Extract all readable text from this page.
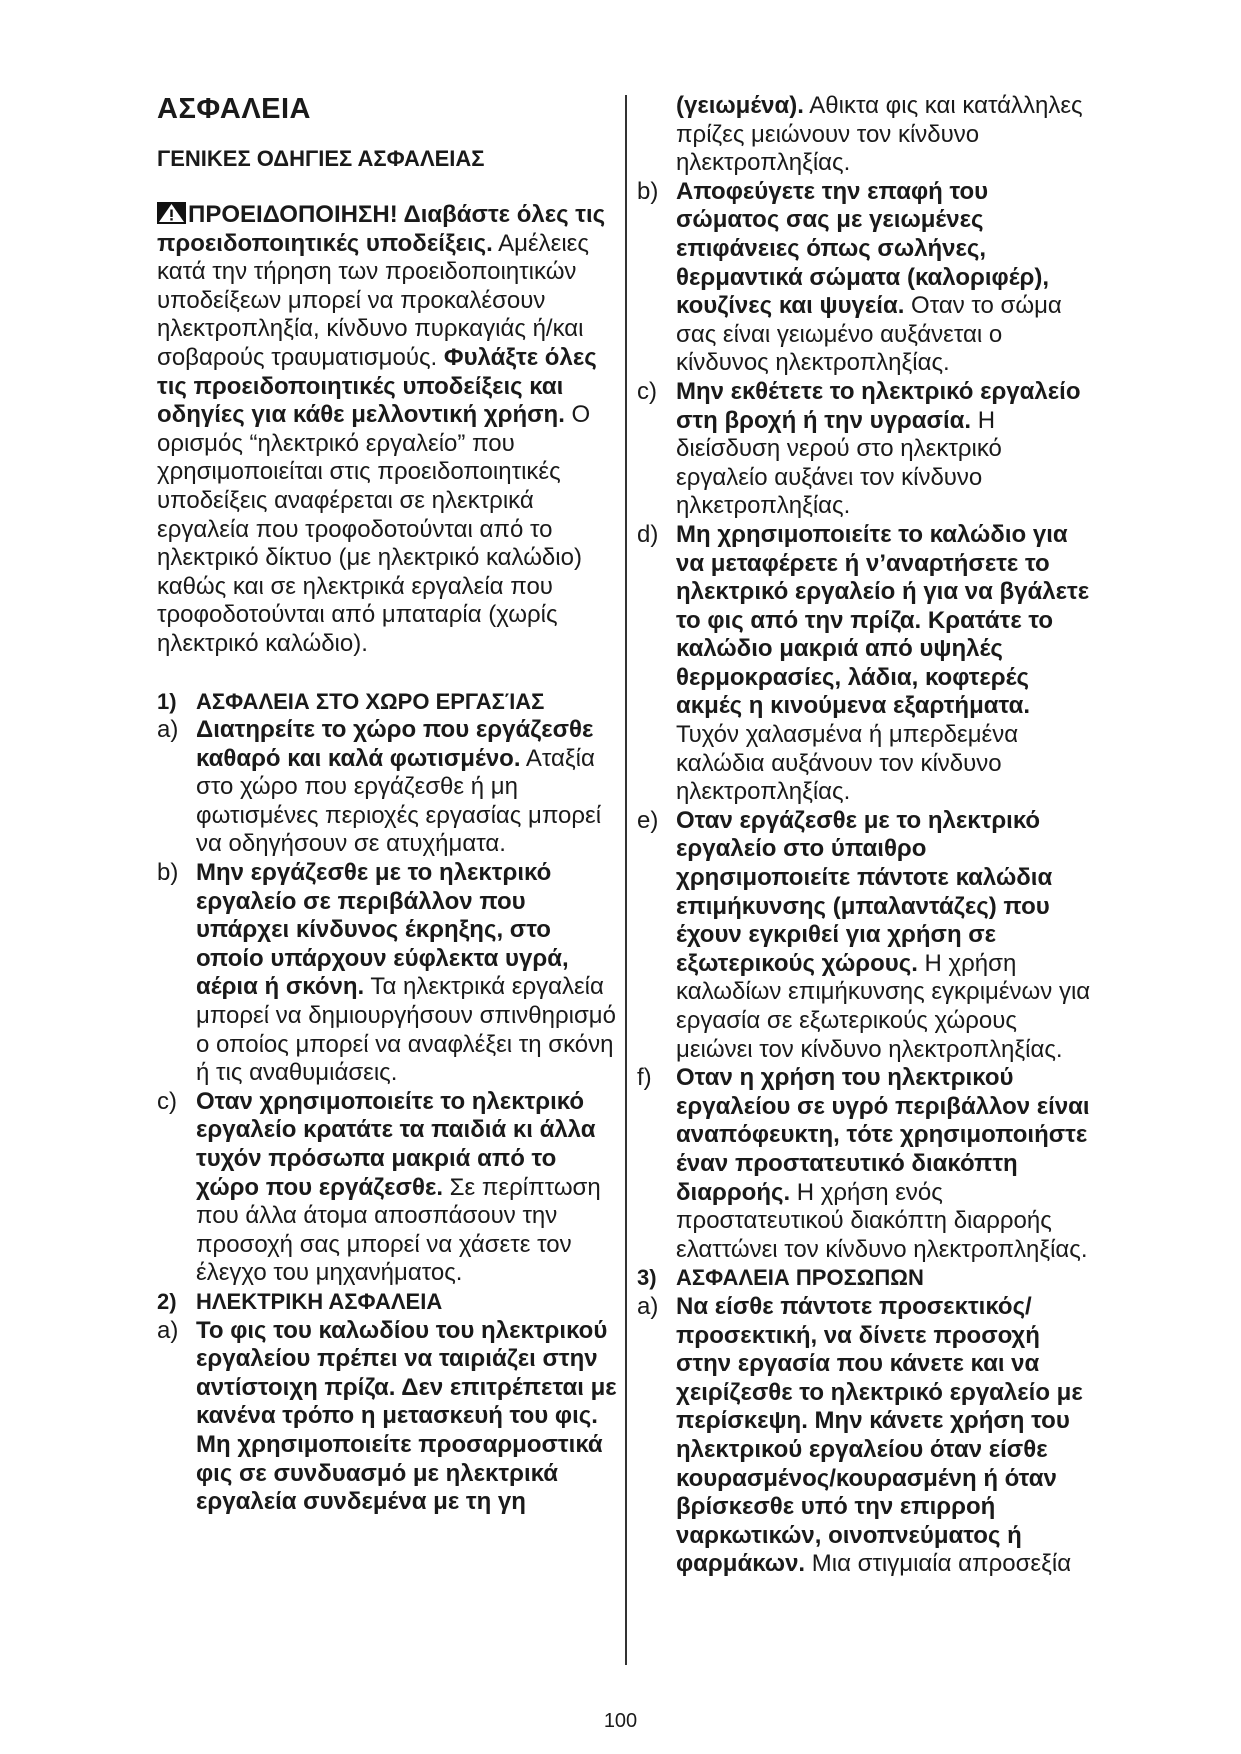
ΑΣΦΑΛΕΙΑ
ΓΕΝΙΚΕΣ ΟΔΗΓΙΕΣ ΑΣΦΑΛΕΙΑΣ

ΠΡΟΕΙΔΟΠΟΙΗΣΗ! Διαβάστε όλες τις προειδοποιητικές υποδείξεις. Αμέλειες κατά την τήρηση των προειδοποιητικών υποδείξεων μπορεί να προκαλέσουν ηλεκτροπληξία, κίνδυνο πυρκαγιάς ή/και σοβαρούς τραυματισμούς. Φυλάξτε όλες τις προειδοποιητικές υποδείξεις και οδηγίες για κάθε μελλοντική χρήση. Ο ορισμός “ηλεκτρικό εργαλείο” που χρησιμοποιείται στις προειδοποιητικές υποδείξεις αναφέρεται σε ηλεκτρικά εργαλεία που τροφοδοτούνται από το ηλεκτρικό δίκτυο (με ηλεκτρικό καλώδιο) καθώς και σε ηλεκτρικά εργαλεία που τροφοδοτούνται από μπαταρία (χωρίς ηλεκτρικό καλώδιο).

1) ΑΣΦΑΛΕΙΑ ΣΤΟ ΧΩΡΟ ΕΡΓΑΣΊΑΣ

a) Διατηρείτε το χώρο που εργάζεσθε καθαρό και καλά φωτισμένο. Αταξία στο χώρο που εργάζεσθε ή μη φωτισμένες περιοχές εργασίας μπορεί να οδηγήσουν σε ατυχήματα.

b) Μην εργάζεσθε με το ηλεκτρικό εργαλείο σε περιβάλλον που υπάρχει κίνδυνος έκρηξης, στο οποίο υπάρχουν εύφλεκτα υγρά, αέρια ή σκόνη. Τα ηλεκτρικά εργαλεία μπορεί να δημιουργήσουν σπινθηρισμό ο οποίος μπορεί να αναφλέξει τη σκόνη ή τις αναθυμιάσεις.

c) Οταν χρησιμοποιείτε το ηλεκτρικό εργαλείο κρατάτε τα παιδιά κι άλλα τυχόν πρόσωπα μακριά από το χώρο που εργάζεσθε. Σε περίπτωση που άλλα άτομα αποσπάσουν την προσοχή σας μπορεί να χάσετε τον έλεγχο του μηχανήματος.

2) ΗΛΕΚΤΡΙΚΗ ΑΣΦΑΛΕΙΑ

a) Το φις του καλωδίου του ηλεκτρικού εργαλείου πρέπει να ταιριάζει στην αντίστοιχη πρίζα. Δεν επιτρέπεται με κανένα τρόπο η μετασκευή του φις. Μη χρησιμοποιείτε προσαρμοστικά φις σε συνδυασμό με ηλεκτρικά εργαλεία συνδεμένα με τη γη

(γειωμένα). Αθικτα φις και κατάλληλες πρίζες μειώνουν τον κίνδυνο ηλεκτροπληξίας.

b) Αποφεύγετε την επαφή του σώματος σας με γειωμένες επιφάνειες όπως σωλήνες, θερμαντικά σώματα (καλοριφέρ), κουζίνες και ψυγεία. Οταν το σώμα σας είναι γειωμένο αυξάνεται ο κίνδυνος ηλεκτροπληξίας.

c) Μην εκθέτετε το ηλεκτρικό εργαλείο στη βροχή ή την υγρασία. Η διείσδυση νερού στο ηλεκτρικό εργαλείο αυξάνει τον κίνδυνο ηλκετροπληξίας.

d) Μη χρησιμοποιείτε το καλώδιο για να μεταφέρετε ή ν’αναρτήσετε το ηλεκτρικό εργαλείο ή για να βγάλετε το φις από την πρίζα. Κρατάτε το καλώδιο μακριά από υψηλές θερμοκρασίες, λάδια, κοφτερές ακμές η κινούμενα εξαρτήματα. Τυχόν χαλασμένα ή μπερδεμένα καλώδια αυξάνουν τον κίνδυνο ηλεκτροπληξίας.

e) Οταν εργάζεσθε με το ηλεκτρικό εργαλείο στο ύπαιθρο χρησιμοποιείτε πάντοτε καλώδια επιμήκυνσης (μπαλαντάζες) που έχουν εγκριθεί για χρήση σε εξωτερικούς χώρους. Η χρήση καλωδίων επιμήκυνσης εγκριμένων για εργασία σε εξωτερικούς χώρους μειώνει τον κίνδυνο ηλεκτροπληξίας.

f) Οταν η χρήση του ηλεκτρικού εργαλείου σε υγρό περιβάλλον είναι αναπόφευκτη, τότε χρησιμοποιήστε έναν προστατευτικό διακόπτη διαρροής. Η χρήση ενός προστατευτικού διακόπτη διαρροής ελαττώνει τον κίνδυνο ηλεκτροπληξίας.

3) ΑΣΦΑΛΕΙΑ ΠΡΟΣΩΠΩΝ

a) Να είσθε πάντοτε προσεκτικός/ προσεκτική, να δίνετε προσοχή στην εργασία που κάνετε και να χειρίζεσθε το ηλεκτρικό εργαλείο με περίσκεψη. Μην κάνετε χρήση του ηλεκτρικού εργαλείου όταν είσθε κουρασμένος/κουρασμένη ή όταν βρίσκεσθε υπό την επιρροή ναρκωτικών, οινοπνεύματος ή φαρμάκων. Μια στιγμιαία απροσεξία

100
